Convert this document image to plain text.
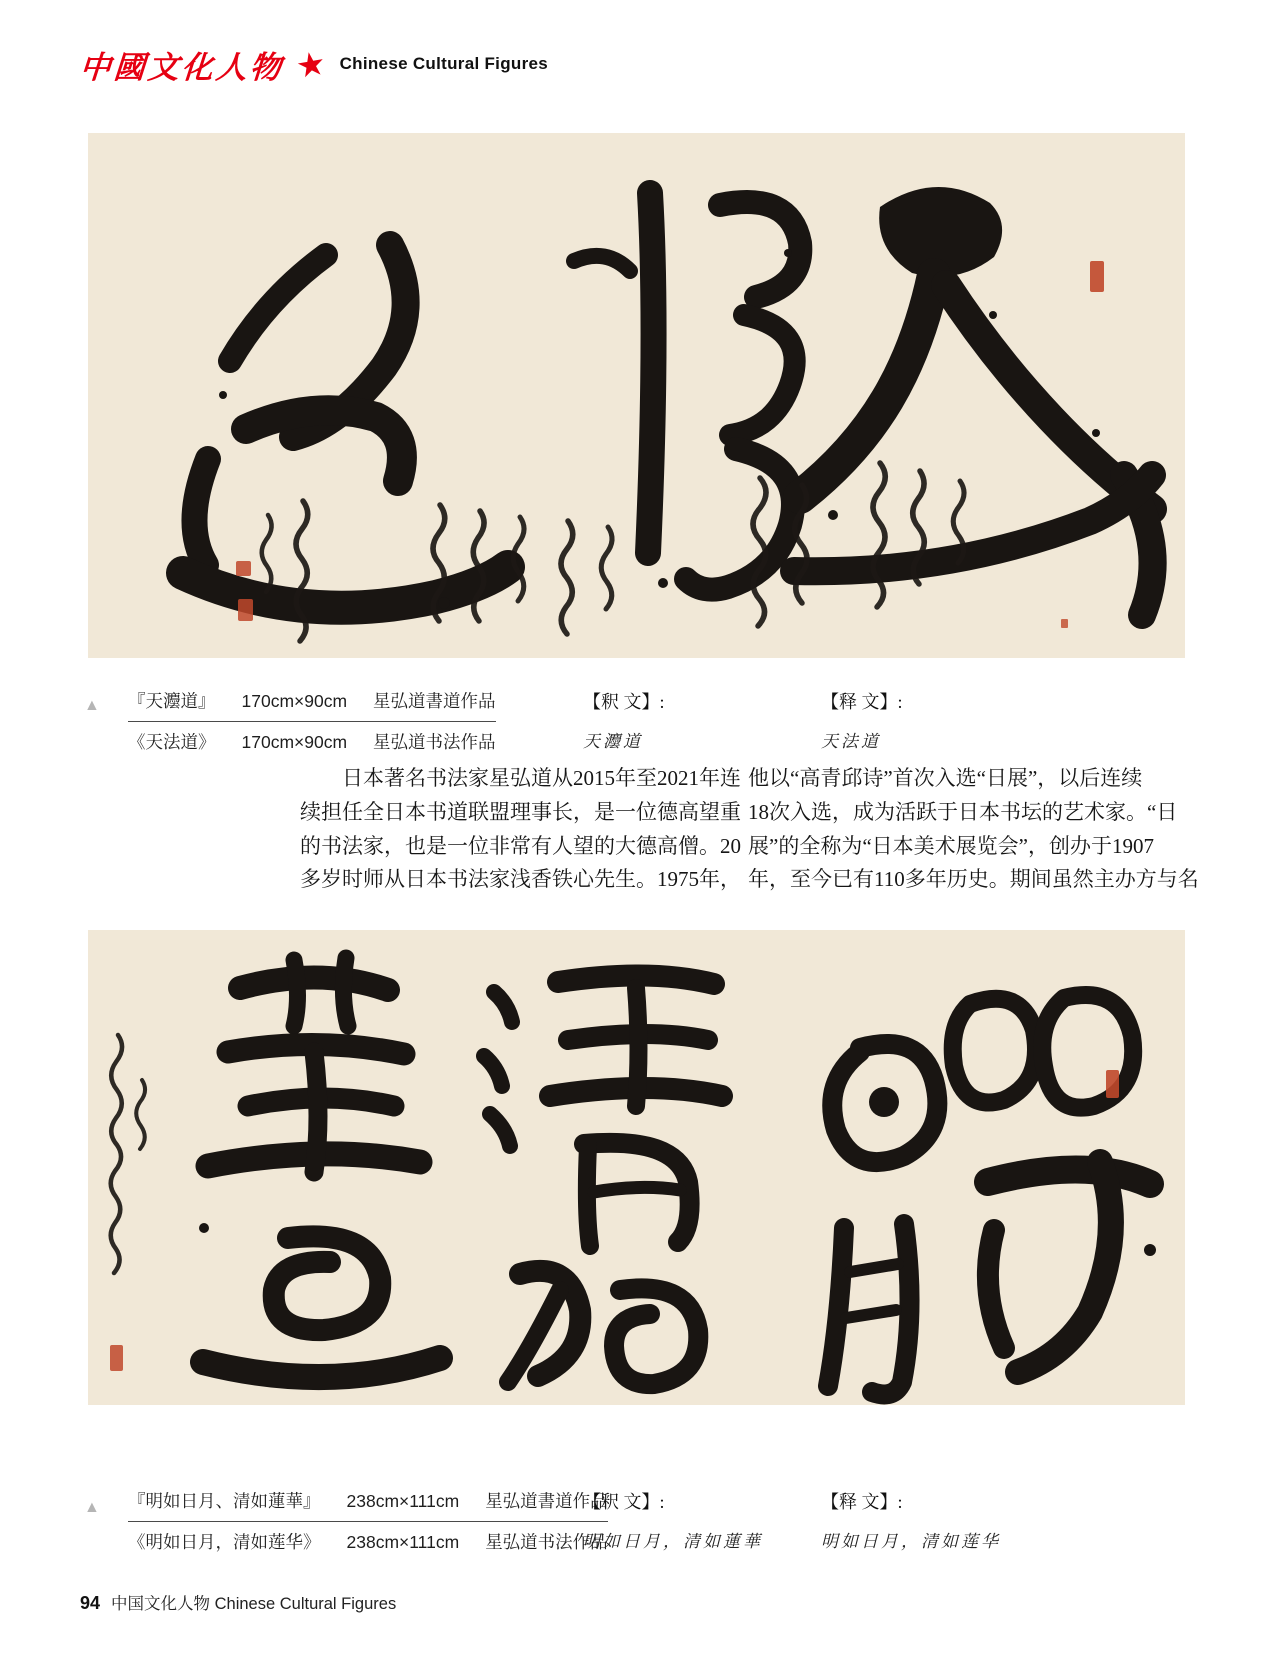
中國文化人物 ★ Chinese Cultural Figures
▲ 『天灋道』 170cm×90cm 星弘道書道作品
《天法道》 170cm×90cm 星弘道书法作品
【釈 文】:
天灋道
【释 文】:
天法道
日本著名书法家星弘道从2015年至2021年连
续担任全日本书道联盟理事长，是一位德高望重
的书法家，也是一位非常有人望的大德高僧。20
多岁时师从日本书法家浅香铁心先生。1975年，
他以“高青邱诗”首次入选“日展”，以后连续
18次入选，成为活跃于日本书坛的艺术家。“日
展”的全称为“日本美术展览会”，创办于1907
年，至今已有110多年历史。期间虽然主办方与名
▲ 『明如日月、清如蓮華』 238cm×111cm 星弘道書道作品
《明如日月，清如莲华》 238cm×111cm 星弘道书法作品
【釈 文】:
明如日月，清如蓮華
【释 文】:
明如日月，清如莲华
94 中国文化人物 Chinese Cultural Figures
